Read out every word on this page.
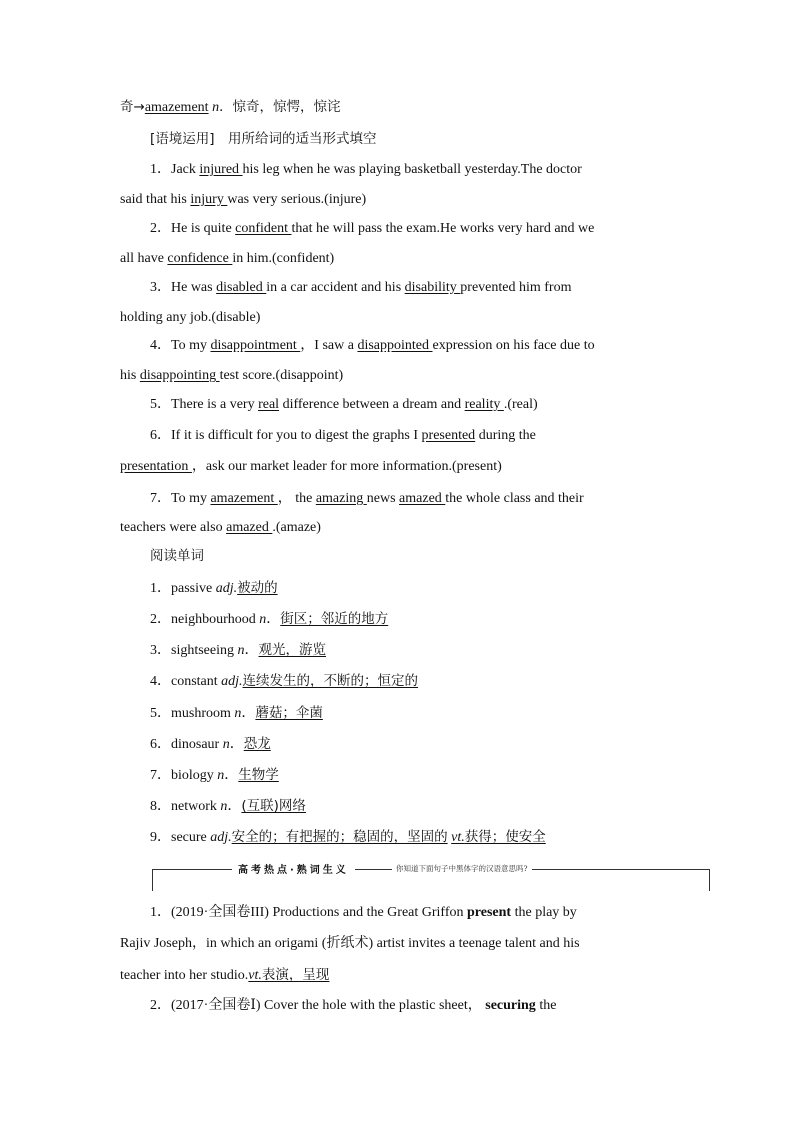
奇→amazement n．惊奇，惊愕，惊诧
[语境运用]　用所给词的适当形式填空
1．Jack injured his leg when he was playing basketball yesterday.The doctor
said that his injury was very serious.(injure)
2．He is quite confident that he will pass the exam.He works very hard and we
all have confidence in him.(confident)
3．He was disabled in a car accident and his disability prevented him from
holding any job.(disable)
4．To my disappointment ，I saw a disappointed expression on his face due to
his disappointing test score.(disappoint)
5．There is a very real difference between a dream and reality .(real)
6．If it is difficult for you to digest the graphs I presented during the
presentation ，ask our market leader for more information.(present)
7．To my amazement ， the amazing news amazed the whole class and their
teachers were also amazed .(amaze)
阅读单词
1．passive adj.被动的
2．neighbourhood n．街区；邻近的地方
3．sightseeing n．观光，游览
4．constant adj.连续发生的，不断的；恒定的
5．mushroom n．蘑菇；伞菌
6．dinosaur n．恐龙
7．biology n．生物学
8．network n．(互联)网络
9．secure adj.安全的；有把握的；稳固的，坚固的 vt.获得；使安全
高考热点·熟词生义	你知道下面句子中黑体字的汉语意思吗?
1．(2019·全国卷III) Productions and the Great Griffon present the play by
Rajiv Joseph，in which an origami (折纸术) artist invites a teenage talent and his
teacher into her studio.vt.表演，呈现
2．(2017·全国卷Ⅰ) Cover the hole with the plastic sheet， securing the
